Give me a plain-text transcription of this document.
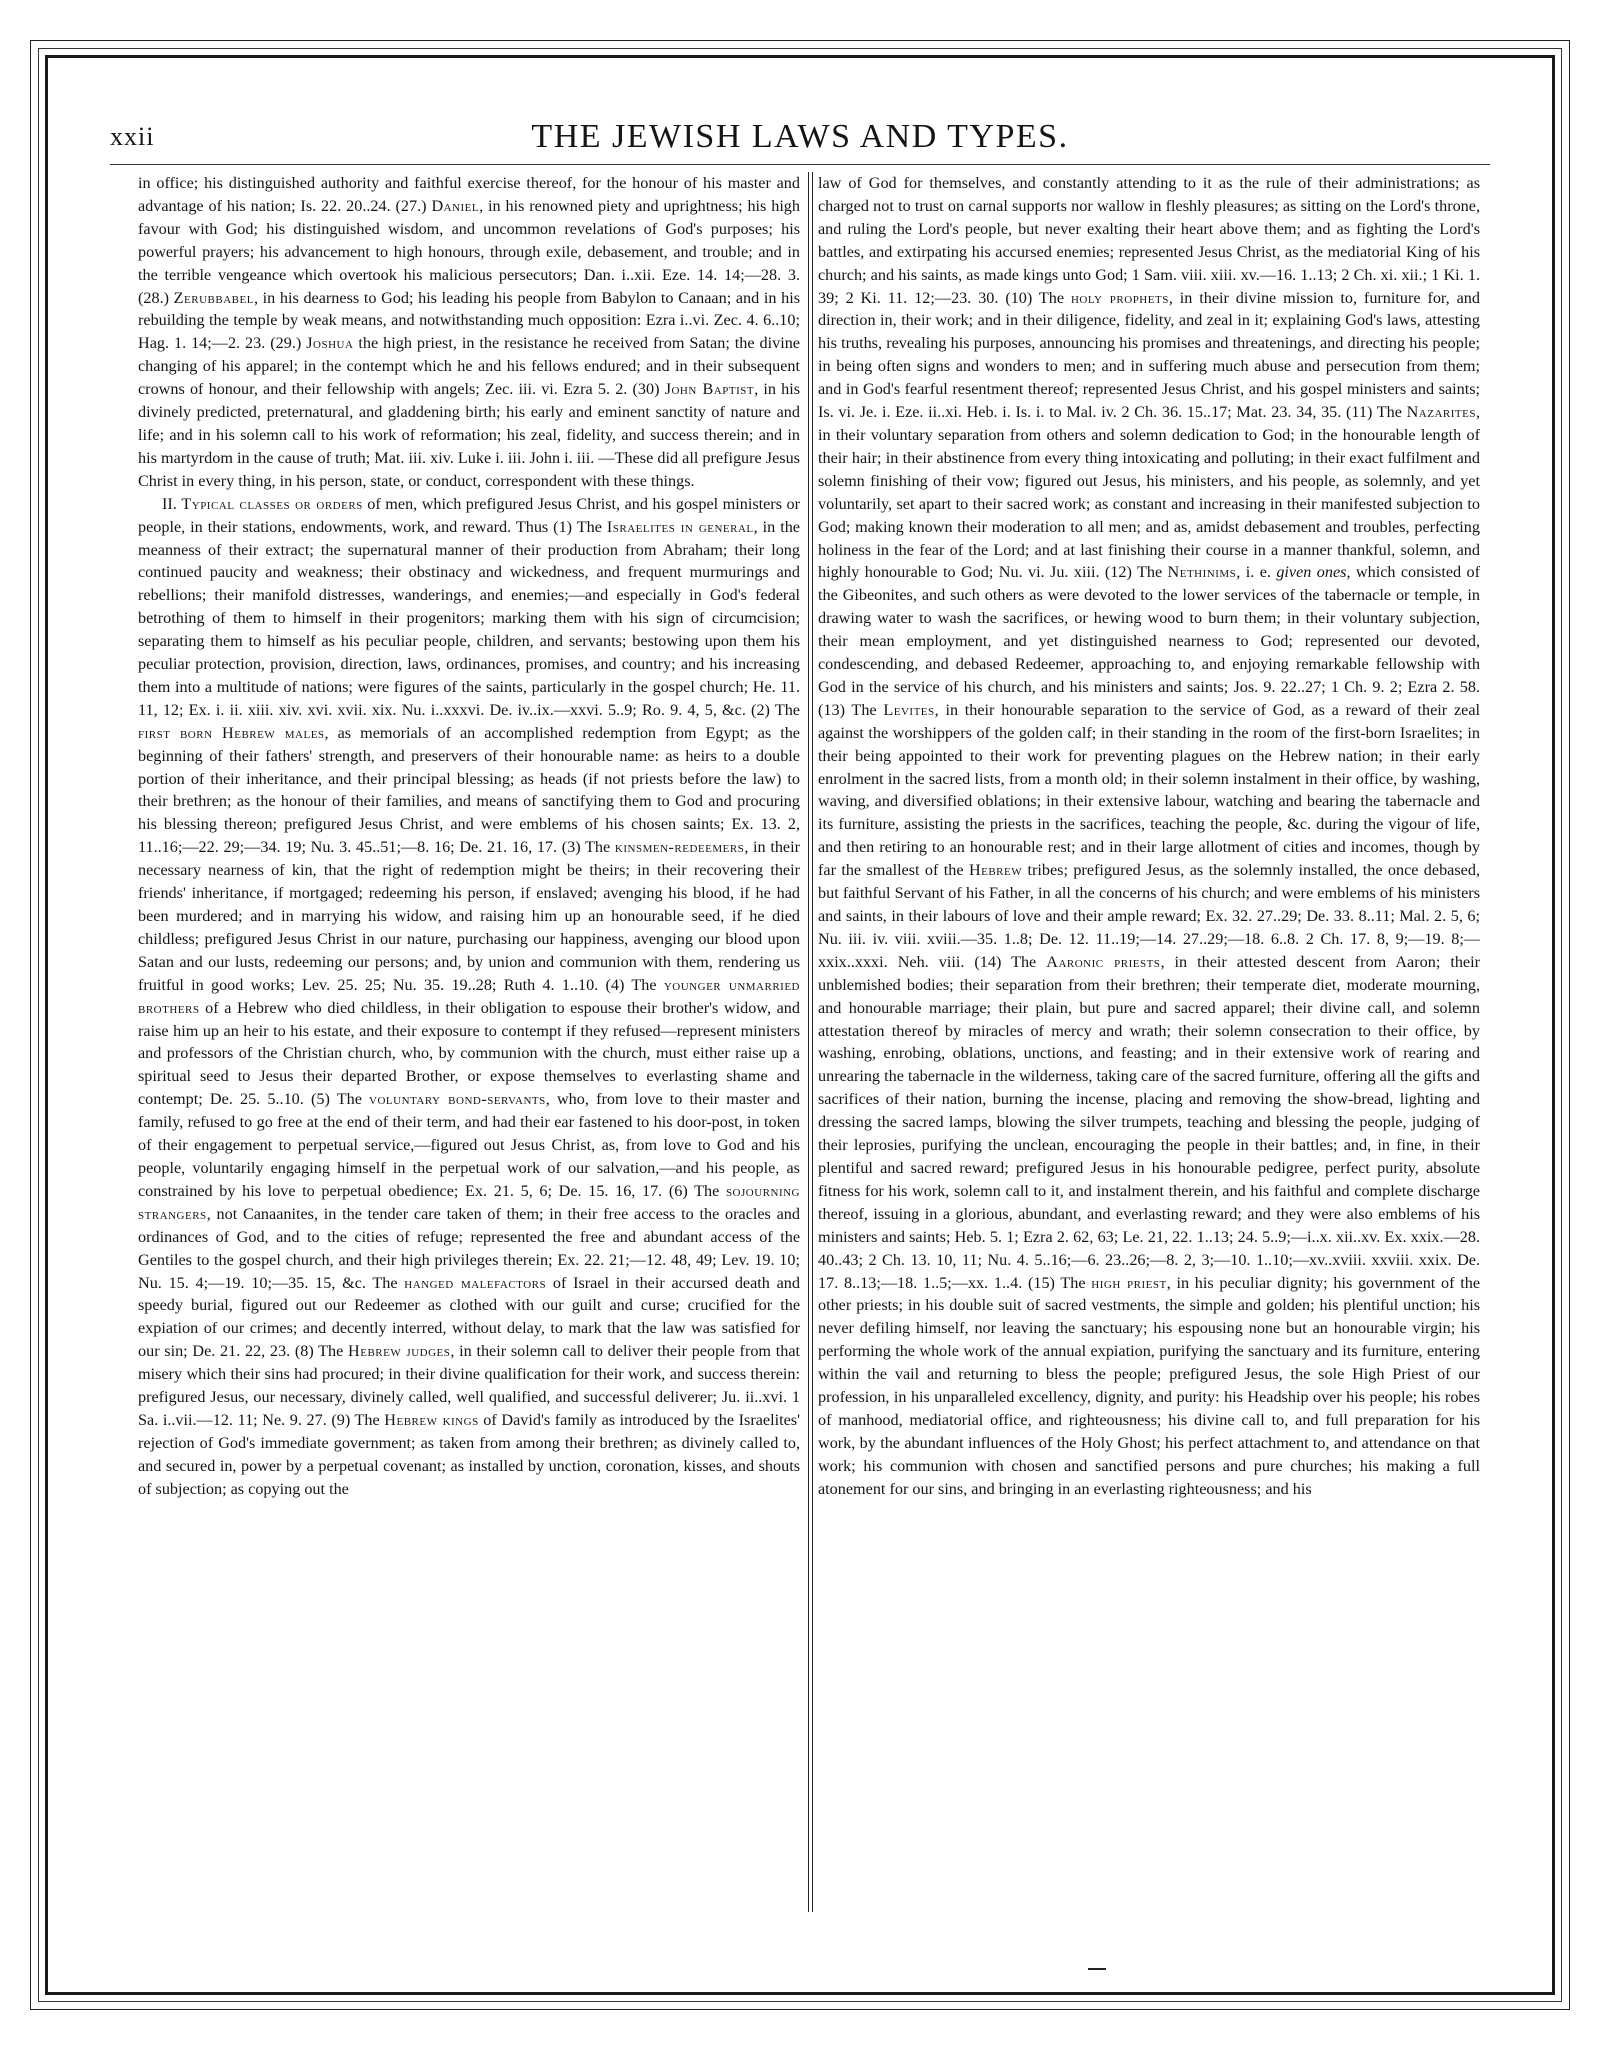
xxii	THE JEWISH LAWS AND TYPES.

in office; his distinguished authority and faithful exercise thereof, for the honour of his master and advantage of his nation; Is. 22. 20..24. (27.) Daniel, in his renowned piety and uprightness; his high favour with God; his distinguished wisdom, and uncommon revelations of God's purposes; his powerful prayers; his advancement to high honours, through exile, debasement, and trouble; and in the terrible vengeance which overtook his malicious persecutors; Dan. i..xii. Eze. 14. 14;—28. 3. (28.) Zerubbabel, in his dearness to God; his leading his people from Babylon to Canaan; and in his rebuilding the temple by weak means, and notwithstanding much opposition: Ezra i..vi. Zec. 4. 6..10; Hag. 1. 14;—2. 23. (29.) Joshua the high priest, in the resistance he received from Satan; the divine changing of his apparel; in the contempt which he and his fellows endured; and in their subsequent crowns of honour, and their fellowship with angels; Zec. iii. vi. Ezra 5. 2. (30) John Baptist, in his divinely predicted, preternatural, and gladdening birth; his early and eminent sanctity of nature and life; and in his solemn call to his work of reformation; his zeal, fidelity, and success therein; and in his martyrdom in the cause of truth; Mat. iii. xiv. Luke i. iii. John i. iii. —These did all prefigure Jesus Christ in every thing, in his person, state, or conduct, correspondent with these things.

II. Typical classes or orders of men, which prefigured Jesus Christ, and his gospel ministers or people, in their stations, endowments, work, and reward. Thus (1) The Israelites in general, in the meanness of their extract; the supernatural manner of their production from Abraham; their long continued paucity and weakness; their obstinacy and wickedness, and frequent murmurings and rebellions; their manifold distresses, wanderings, and enemies;—and especially in God's federal betrothing of them to himself in their progenitors; marking them with his sign of circumcision; separating them to himself as his peculiar people, children, and servants; bestowing upon them his peculiar protection, provision, direction, laws, ordinances, promises, and country; and his increasing them into a multitude of nations; were figures of the saints, particularly in the gospel church; He. 11. 11, 12; Ex. i. ii. xiii. xiv. xvi. xvii. xix. Nu. i..xxxvi. De. iv..ix.—xxvi. 5..9; Ro. 9. 4, 5, &c. (2) The first born Hebrew males, as memorials of an accomplished redemption from Egypt; as the beginning of their fathers' strength, and preservers of their honourable name: as heirs to a double portion of their inheritance, and their principal blessing; as heads (if not priests before the law) to their brethren; as the honour of their families, and means of sanctifying them to God and procuring his blessing thereon; prefigured Jesus Christ, and were emblems of his chosen saints; Ex. 13. 2, 11..16;—22. 29;—34. 19; Nu. 3. 45..51;—8. 16; De. 21. 16, 17. (3) The kinsmen-redeemers, in their necessary nearness of kin, that the right of redemption might be theirs; in their recovering their friends' inheritance, if mortgaged; redeeming his person, if enslaved; avenging his blood, if he had been murdered; and in marrying his widow, and raising him up an honourable seed, if he died childless; prefigured Jesus Christ in our nature, purchasing our happiness, avenging our blood upon Satan and our lusts, redeeming our persons; and, by union and communion with them, rendering us fruitful in good works; Lev. 25. 25; Nu. 35. 19..28; Ruth 4. 1..10. (4) The younger unmarried brothers of a Hebrew who died childless, in their obligation to espouse their brother's widow, and raise him up an heir to his estate, and their exposure to contempt if they refused—represent ministers and professors of the Christian church, who, by communion with the church, must either raise up a spiritual seed to Jesus their departed Brother, or expose themselves to everlasting shame and contempt; De. 25. 5..10. (5) The voluntary bond-servants, who, from love to their master and family, refused to go free at the end of their term, and had their ear fastened to his door-post, in token of their engagement to perpetual service,—figured out Jesus Christ, as, from love to God and his people, voluntarily engaging himself in the perpetual work of our salvation,—and his people, as constrained by his love to perpetual obedience; Ex. 21. 5, 6; De. 15. 16, 17. (6) The sojourning strangers, not Canaanites, in the tender care taken of them; in their free access to the oracles and ordinances of God, and to the cities of refuge; represented the free and abundant access of the Gentiles to the gospel church, and their high privileges therein; Ex. 22. 21;—12. 48, 49; Lev. 19. 10; Nu. 15. 4;—19. 10;—35. 15, &c. The hanged malefactors of Israel in their accursed death and speedy burial, figured out our Redeemer as clothed with our guilt and curse; crucified for the expiation of our crimes; and decently interred, without delay, to mark that the law was satisfied for our sin; De. 21. 22, 23. (8) The Hebrew judges, in their solemn call to deliver their people from that misery which their sins had procured; in their divine qualification for their work, and success therein: prefigured Jesus, our necessary, divinely called, well qualified, and successful deliverer; Ju. ii..xvi. 1 Sa. i..vii.—12. 11; Ne. 9. 27. (9) The Hebrew kings of David's family as introduced by the Israelites' rejection of God's immediate government; as taken from among their brethren; as divinely called to, and secured in, power by a perpetual covenant; as installed by unction, coronation, kisses, and shouts of subjection; as copying out the

law of God for themselves, and constantly attending to it as the rule of their administrations; as charged not to trust on carnal supports nor wallow in fleshly pleasures; as sitting on the Lord's throne, and ruling the Lord's people, but never exalting their heart above them; and as fighting the Lord's battles, and extirpating his accursed enemies; represented Jesus Christ, as the mediatorial King of his church; and his saints, as made kings unto God; 1 Sam. viii. xiii. xv.—16. 1..13; 2 Ch. xi. xii.; 1 Ki. 1. 39; 2 Ki. 11. 12;—23. 30. (10) The holy prophets, in their divine mission to, furniture for, and direction in, their work; and in their diligence, fidelity, and zeal in it; explaining God's laws, attesting his truths, revealing his purposes, announcing his promises and threatenings, and directing his people; in being often signs and wonders to men; and in suffering much abuse and persecution from them; and in God's fearful resentment thereof; represented Jesus Christ, and his gospel ministers and saints; Is. vi. Je. i. Eze. ii..xi. Heb. i. Is. i. to Mal. iv. 2 Ch. 36. 15..17; Mat. 23. 34, 35. (11) The Nazarites, in their voluntary separation from others and solemn dedication to God; in the honourable length of their hair; in their abstinence from every thing intoxicating and polluting; in their exact fulfilment and solemn finishing of their vow; figured out Jesus, his ministers, and his people, as solemnly, and yet voluntarily, set apart to their sacred work; as constant and increasing in their manifested subjection to God; making known their moderation to all men; and as, amidst debasement and troubles, perfecting holiness in the fear of the Lord; and at last finishing their course in a manner thankful, solemn, and highly honourable to God; Nu. vi. Ju. xiii. (12) The Nethinims, i. e. given ones, which consisted of the Gibeonites, and such others as were devoted to the lower services of the tabernacle or temple, in drawing water to wash the sacrifices, or hewing wood to burn them; in their voluntary subjection, their mean employment, and yet distinguished nearness to God; represented our devoted, condescending, and debased Redeemer, approaching to, and enjoying remarkable fellowship with God in the service of his church, and his ministers and saints; Jos. 9. 22..27; 1 Ch. 9. 2; Ezra 2. 58. (13) The Levites, in their honourable separation to the service of God, as a reward of their zeal against the worshippers of the golden calf; in their standing in the room of the first-born Israelites; in their being appointed to their work for preventing plagues on the Hebrew nation; in their early enrolment in the sacred lists, from a month old; in their solemn instalment in their office, by washing, waving, and diversified oblations; in their extensive labour, watching and bearing the tabernacle and its furniture, assisting the priests in the sacrifices, teaching the people, &c. during the vigour of life, and then retiring to an honourable rest; and in their large allotment of cities and incomes, though by far the smallest of the Hebrew tribes; prefigured Jesus, as the solemnly installed, the once debased, but faithful Servant of his Father, in all the concerns of his church; and were emblems of his ministers and saints, in their labours of love and their ample reward; Ex. 32. 27..29; De. 33. 8..11; Mal. 2. 5, 6; Nu. iii. iv. viii. xviii.—35. 1..8; De. 12. 11..19;—14. 27..29;—18. 6..8. 2 Ch. 17. 8, 9;—19. 8;—xxix..xxxi. Neh. viii. (14) The Aaronic priests, in their attested descent from Aaron; their unblemished bodies; their separation from their brethren; their temperate diet, moderate mourning, and honourable marriage; their plain, but pure and sacred apparel; their divine call, and solemn attestation thereof by miracles of mercy and wrath; their solemn consecration to their office, by washing, enrobing, oblations, unctions, and feasting; and in their extensive work of rearing and unrearing the tabernacle in the wilderness, taking care of the sacred furniture, offering all the gifts and sacrifices of their nation, burning the incense, placing and removing the show-bread, lighting and dressing the sacred lamps, blowing the silver trumpets, teaching and blessing the people, judging of their leprosies, purifying the unclean, encouraging the people in their battles; and, in fine, in their plentiful and sacred reward; prefigured Jesus in his honourable pedigree, perfect purity, absolute fitness for his work, solemn call to it, and instalment therein, and his faithful and complete discharge thereof, issuing in a glorious, abundant, and everlasting reward; and they were also emblems of his ministers and saints; Heb. 5. 1; Ezra 2. 62, 63; Le. 21, 22. 1..13; 24. 5..9;—i..x. xii..xv. Ex. xxix.—28. 40..43; 2 Ch. 13. 10, 11; Nu. 4. 5..16;—6. 23..26;—8. 2, 3;—10. 1..10;—xv..xviii. xxviii. xxix. De. 17. 8..13;—18. 1..5;—xx. 1..4. (15) The high priest, in his peculiar dignity; his government of the other priests; in his double suit of sacred vestments, the simple and golden; his plentiful unction; his never defiling himself, nor leaving the sanctuary; his espousing none but an honourable virgin; his performing the whole work of the annual expiation, purifying the sanctuary and its furniture, entering within the vail and returning to bless the people; prefigured Jesus, the sole High Priest of our profession, in his unparalleled excellency, dignity, and purity: his Headship over his people; his robes of manhood, mediatorial office, and righteousness; his divine call to, and full preparation for his work, by the abundant influences of the Holy Ghost; his perfect attachment to, and attendance on that work; his communion with chosen and sanctified persons and pure churches; his making a full atonement for our sins, and bringing in an everlasting righteousness; and his
